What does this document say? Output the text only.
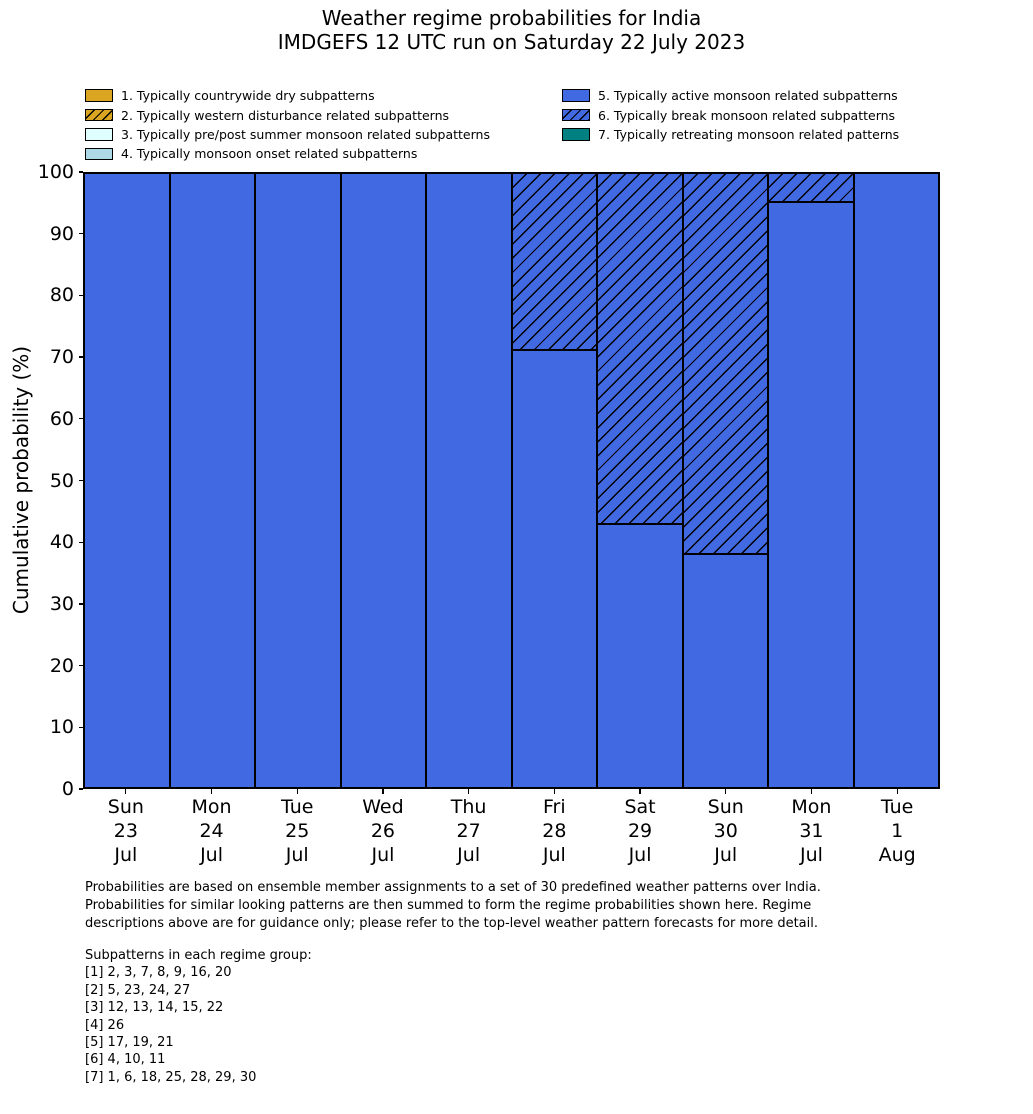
Weather regime probabilities for India
IMDGEFS 12 UTC run on Saturday 22 July 2023
1. Typically countrywide dry subpatterns
2. Typically western disturbance related subpatterns
3. Typically pre/post summer monsoon related subpatterns
4. Typically monsoon onset related subpatterns
5. Typically active monsoon related subpatterns
6. Typically break monsoon related subpatterns
7. Typically retreating monsoon related patterns
Cumulative probability (%)
0
10
20
30
40
50
60
70
80
90
100
Sun
23
Jul
Mon
24
Jul
Tue
25
Jul
Wed
26
Jul
Thu
27
Jul
Fri
28
Jul
Sat
29
Jul
Sun
30
Jul
Mon
31
Jul
Tue
1
Aug
Probabilities are based on ensemble member assignments to a set of 30 predefined weather patterns over India.
Probabilities for similar looking patterns are then summed to form the regime probabilities shown here. Regime
descriptions above are for guidance only; please refer to the top-level weather pattern forecasts for more detail.
Subpatterns in each regime group:
[1] 2, 3, 7, 8, 9, 16, 20
[2] 5, 23, 24, 27
[3] 12, 13, 14, 15, 22
[4] 26
[5] 17, 19, 21
[6] 4, 10, 11
[7] 1, 6, 18, 25, 28, 29, 30
